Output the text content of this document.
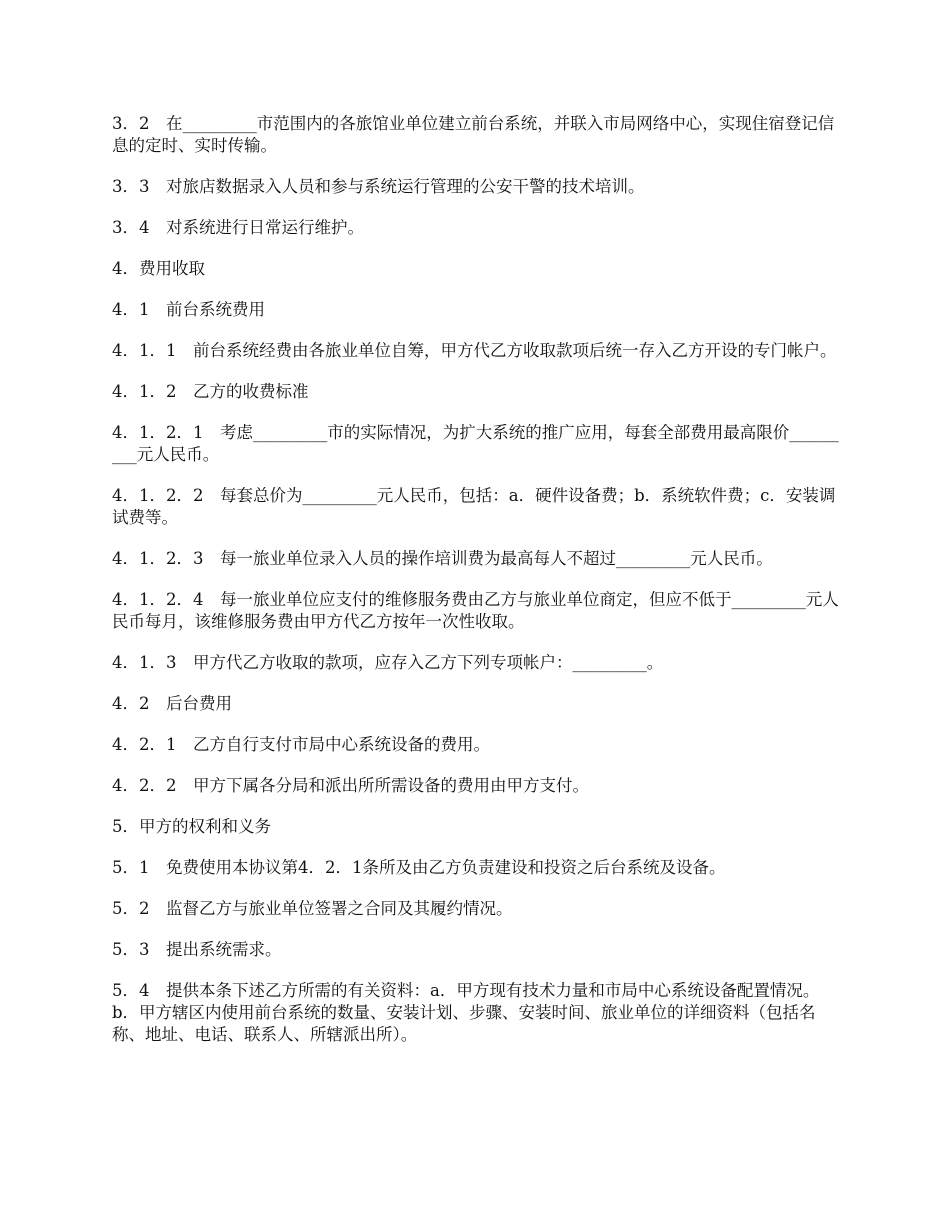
3．2　在_________市范围内的各旅馆业单位建立前台系统，并联入市局网络中心，实现住宿登记信息的定时、实时传输。

3．3　对旅店数据录入人员和参与系统运行管理的公安干警的技术培训。

3．4　对系统进行日常运行维护。

4．费用收取

4．1　前台系统费用

4．1．1　前台系统经费由各旅业单位自筹，甲方代乙方收取款项后统一存入乙方开设的专门帐户。

4．1．2　乙方的收费标准

4．1．2．1　考虑_________市的实际情况，为扩大系统的推广应用，每套全部费用最高限价_________元人民币。

4．1．2．2　每套总价为_________元人民币，包括：a．硬件设备费；b．系统软件费；c．安装调试费等。

4．1．2．3　每一旅业单位录入人员的操作培训费为最高每人不超过_________元人民币。

4．1．2．4　每一旅业单位应支付的维修服务费由乙方与旅业单位商定，但应不低于_________元人民币每月，该维修服务费由甲方代乙方按年一次性收取。

4．1．3　甲方代乙方收取的款项，应存入乙方下列专项帐户：_________。

4．2　后台费用

4．2．1　乙方自行支付市局中心系统设备的费用。

4．2．2　甲方下属各分局和派出所所需设备的费用由甲方支付。

5．甲方的权利和义务

5．1　免费使用本协议第4．2．1条所及由乙方负责建设和投资之后台系统及设备。

5．2　监督乙方与旅业单位签署之合同及其履约情况。

5．3　提出系统需求。

5．4　提供本条下述乙方所需的有关资料：a．甲方现有技术力量和市局中心系统设备配置情况。b．甲方辖区内使用前台系统的数量、安装计划、步骤、安装时间、旅业单位的详细资料（包括名称、地址、电话、联系人、所辖派出所）。
